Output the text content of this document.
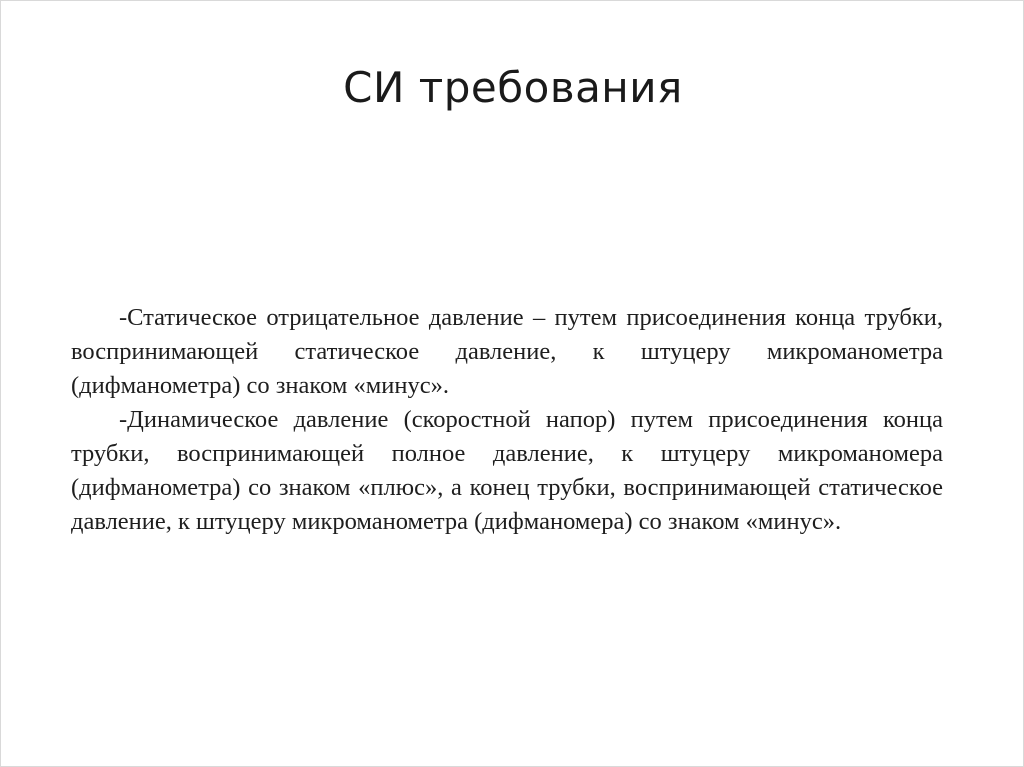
СИ требования

-Статическое отрицательное давление – путем присоединения конца трубки, воспринимающей статическое давление, к штуцеру микроманометра (дифманометра) со знаком «минус».

-Динамическое давление (скоростной напор) путем присоединения конца трубки, воспринимающей полное давление, к штуцеру микроманомера (дифманометра) со знаком «плюс», а конец трубки, воспринимающей статическое давление, к штуцеру микроманометра (дифманомера) со знаком «минус».
